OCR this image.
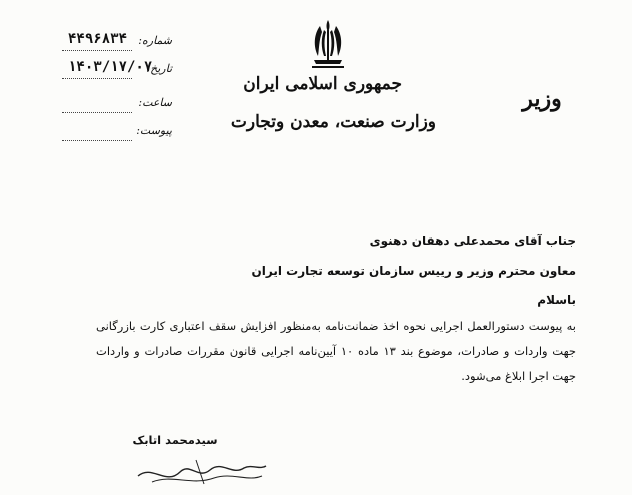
جمهوری اسلامی ایران
وزارت صنعت، معدن وتجارت
وزیر
شماره:
۴۴۹۶۸۳۴
تاریخ:
۱۴۰۳/۱۷/۰۷
ساعت:
پیوست:
جناب آقای محمدعلی دهقان دهنوی
معاون محترم وزیر و رییس سازمان توسعه تجارت ایران
باسلام
به پیوست دستورالعمل اجرایی نحوه اخذ ضمانت‌نامه به‌منظور افزایش سقف اعتباری کارت بازرگانی جهت واردات و صادرات، موضوع بند ۱۳ ماده ۱۰ آیین‌نامه اجرایی قانون مقررات صادرات و واردات جهت اجرا ابلاغ می‌شود.
سیدمحمد اتابک
